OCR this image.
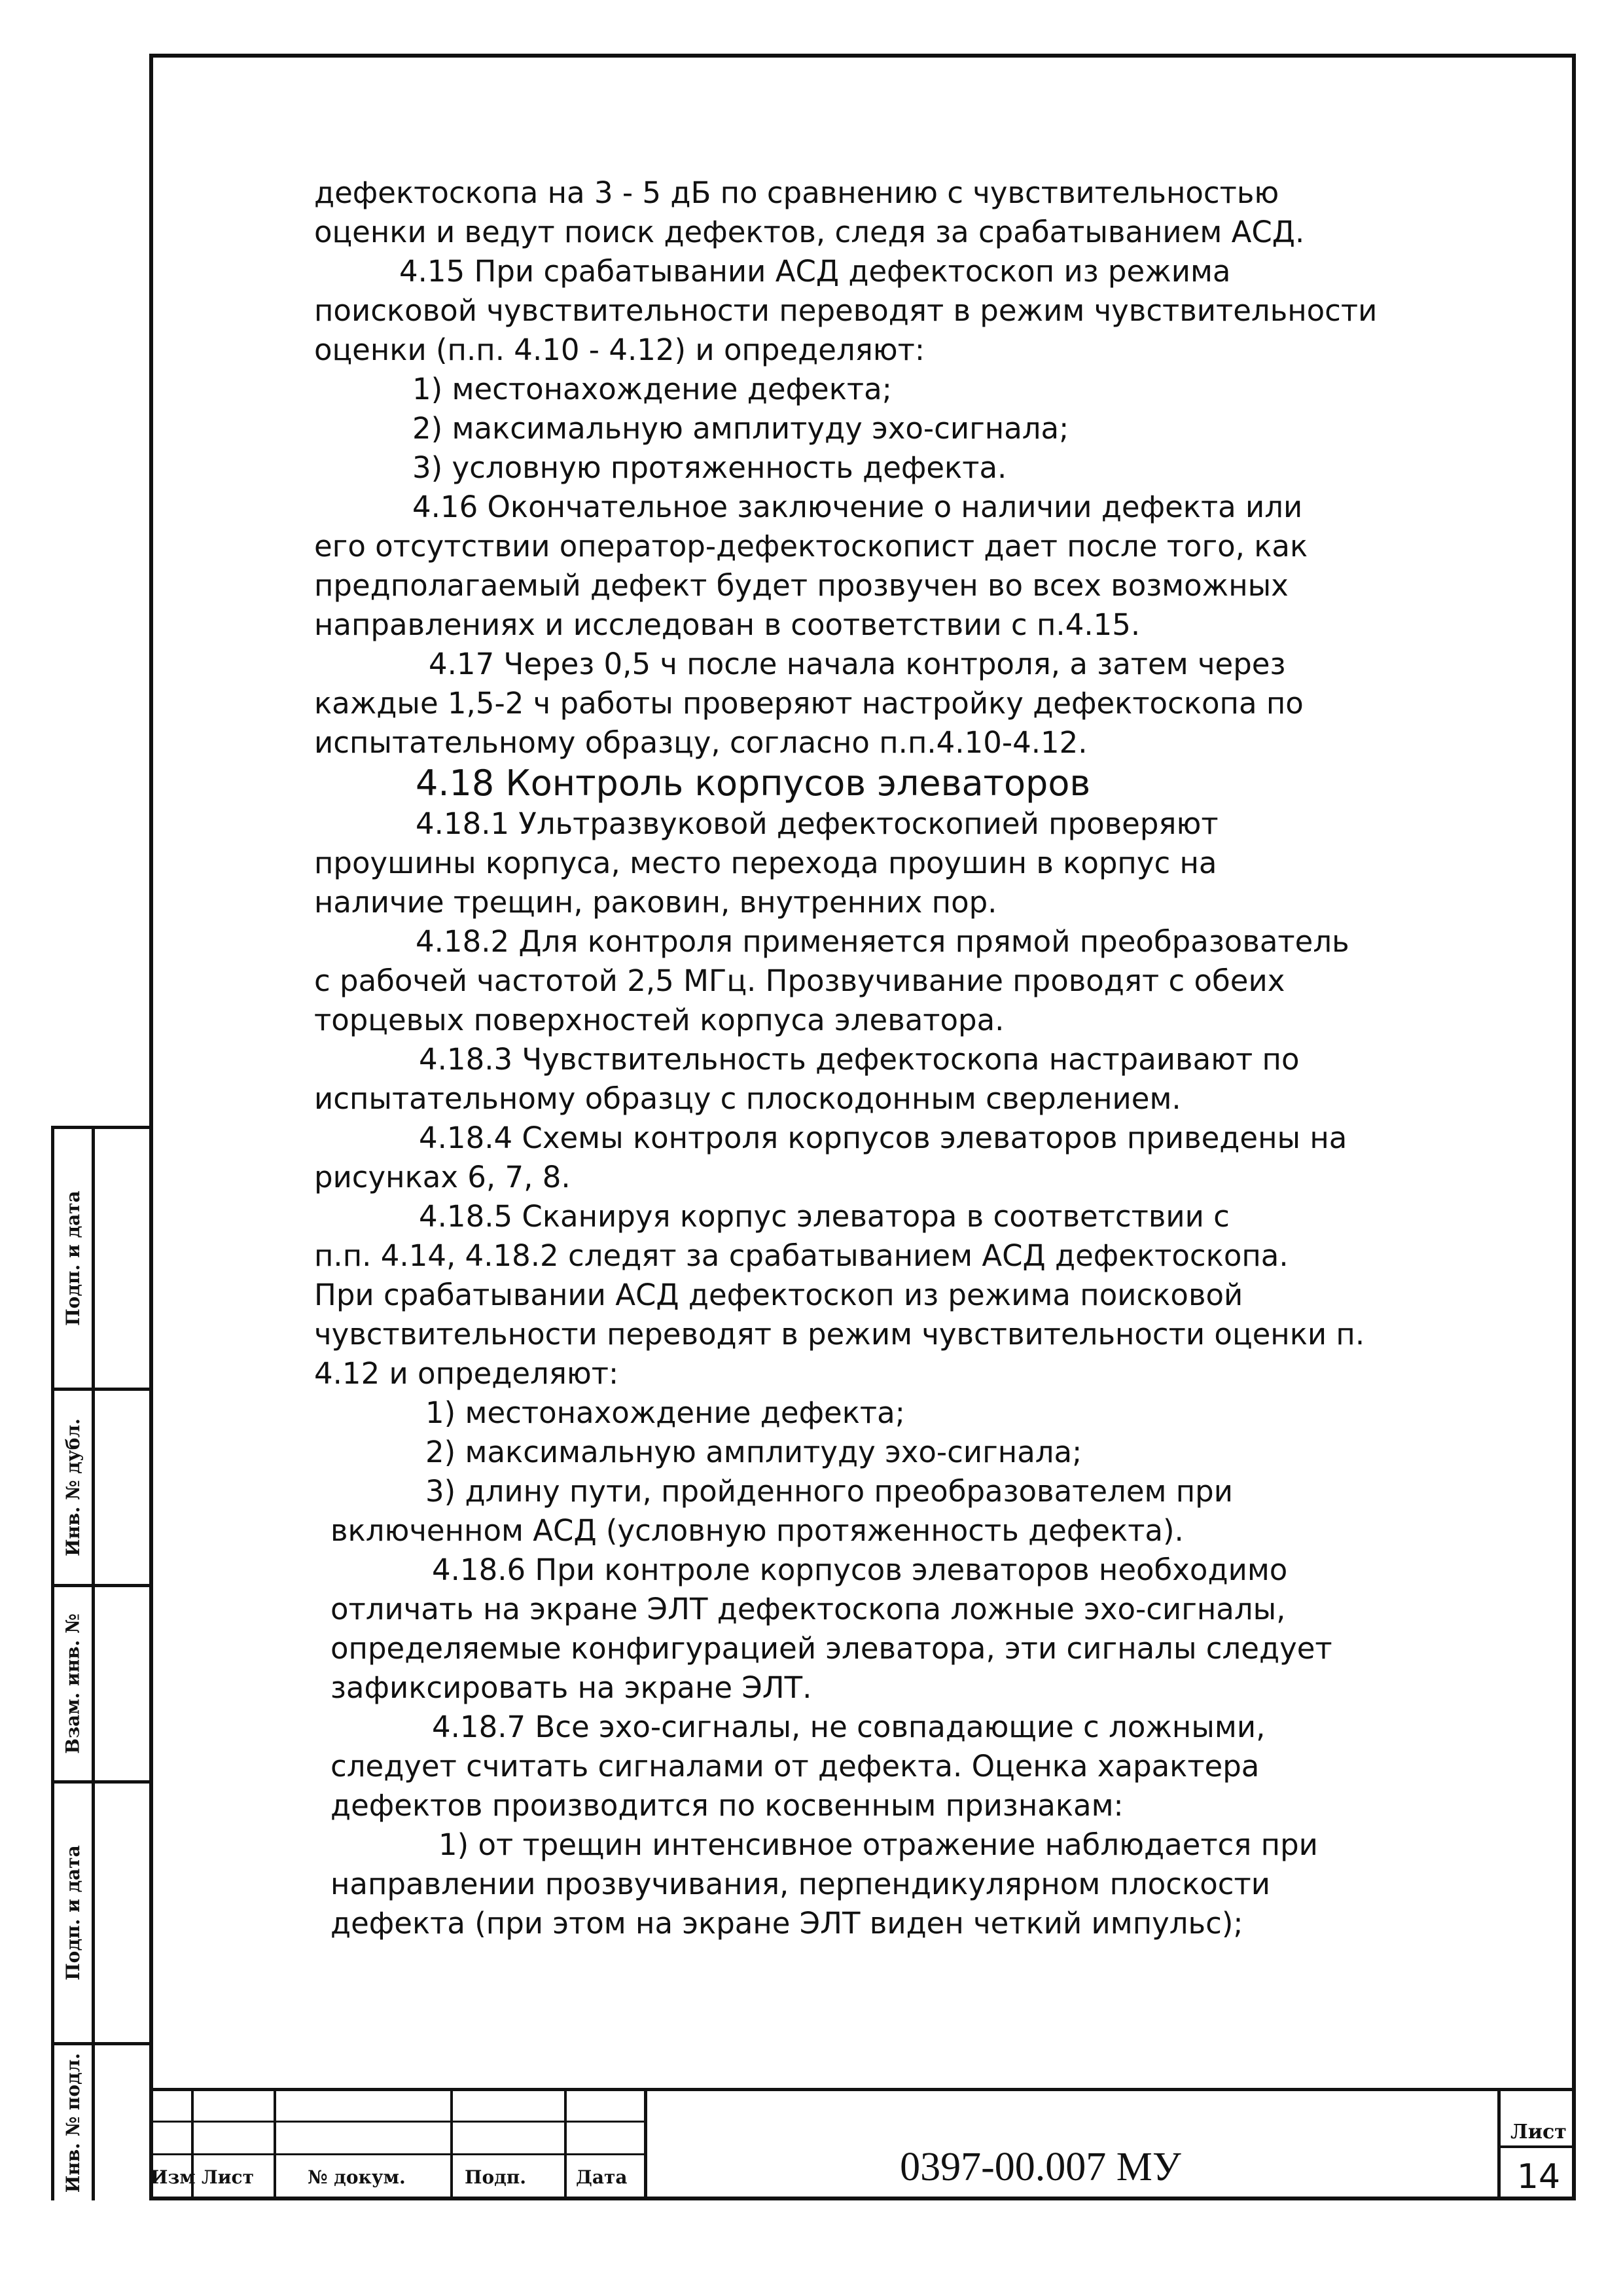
дефектоскопа на 3 - 5 дБ по сравнению с чувствительностью
оценки и ведут поиск дефектов, следя за срабатыванием АСД.
4.15 При срабатывании АСД дефектоскоп из режима
поисковой чувствительности переводят в режим чувствительности
оценки (п.п. 4.10 - 4.12) и определяют:
1) местонахождение дефекта;
2) максимальную амплитуду эхо-сигнала;
3) условную протяженность дефекта.
4.16 Окончательное заключение о наличии дефекта или
его отсутствии оператор-дефектоскопист дает после того, как
предполагаемый дефект будет прозвучен во всех возможных
направлениях и исследован в соответствии с п.4.15.
4.17 Через 0,5 ч после начала контроля, а затем через
каждые 1,5-2 ч работы проверяют настройку дефектоскопа по
испытательному образцу, согласно п.п.4.10-4.12.
4.18 Контроль корпусов элеваторов
4.18.1 Ультразвуковой дефектоскопией проверяют
проушины корпуса, место перехода проушин в корпус на
наличие трещин, раковин, внутренних пор.
4.18.2 Для контроля применяется прямой преобразователь
с рабочей частотой 2,5 МГц. Прозвучивание проводят с обеих
торцевых поверхностей корпуса элеватора.
4.18.3 Чувствительность дефектоскопа настраивают по
испытательному образцу с плоскодонным сверлением.
4.18.4 Схемы контроля корпусов элеваторов приведены на
рисунках 6, 7, 8.
4.18.5 Сканируя корпус элеватора в соответствии с
п.п. 4.14, 4.18.2 следят за срабатыванием АСД дефектоскопа.
При срабатывании АСД дефектоскоп из режима поисковой
чувствительности переводят в режим чувствительности оценки п.
4.12 и определяют:
1) местонахождение дефекта;
2) максимальную амплитуду эхо-сигнала;
3) длину пути, пройденного преобразователем при
включенном АСД (условную протяженность дефекта).
4.18.6 При контроле корпусов элеваторов необходимо
отличать на экране ЭЛТ дефектоскопа ложные эхо-сигналы,
определяемые конфигурацией элеватора, эти сигналы следует
зафиксировать на экране ЭЛТ.
4.18.7 Все эхо-сигналы, не совпадающие с ложными,
следует считать сигналами от дефекта. Оценка характера
дефектов производится по косвенным признакам:
1) от трещин интенсивное отражение наблюдается при
направлении прозвучивания, перпендикулярном плоскости
дефекта (при этом на экране ЭЛТ виден четкий импульс);
Подп. и дата
Инв. № дубл.
Взам. инв. №
Подп. и дата
Инв. № подл.	Изм Лист	№ докум.	Подп.	Дата	0397-00.007 МУ
Лист
14
